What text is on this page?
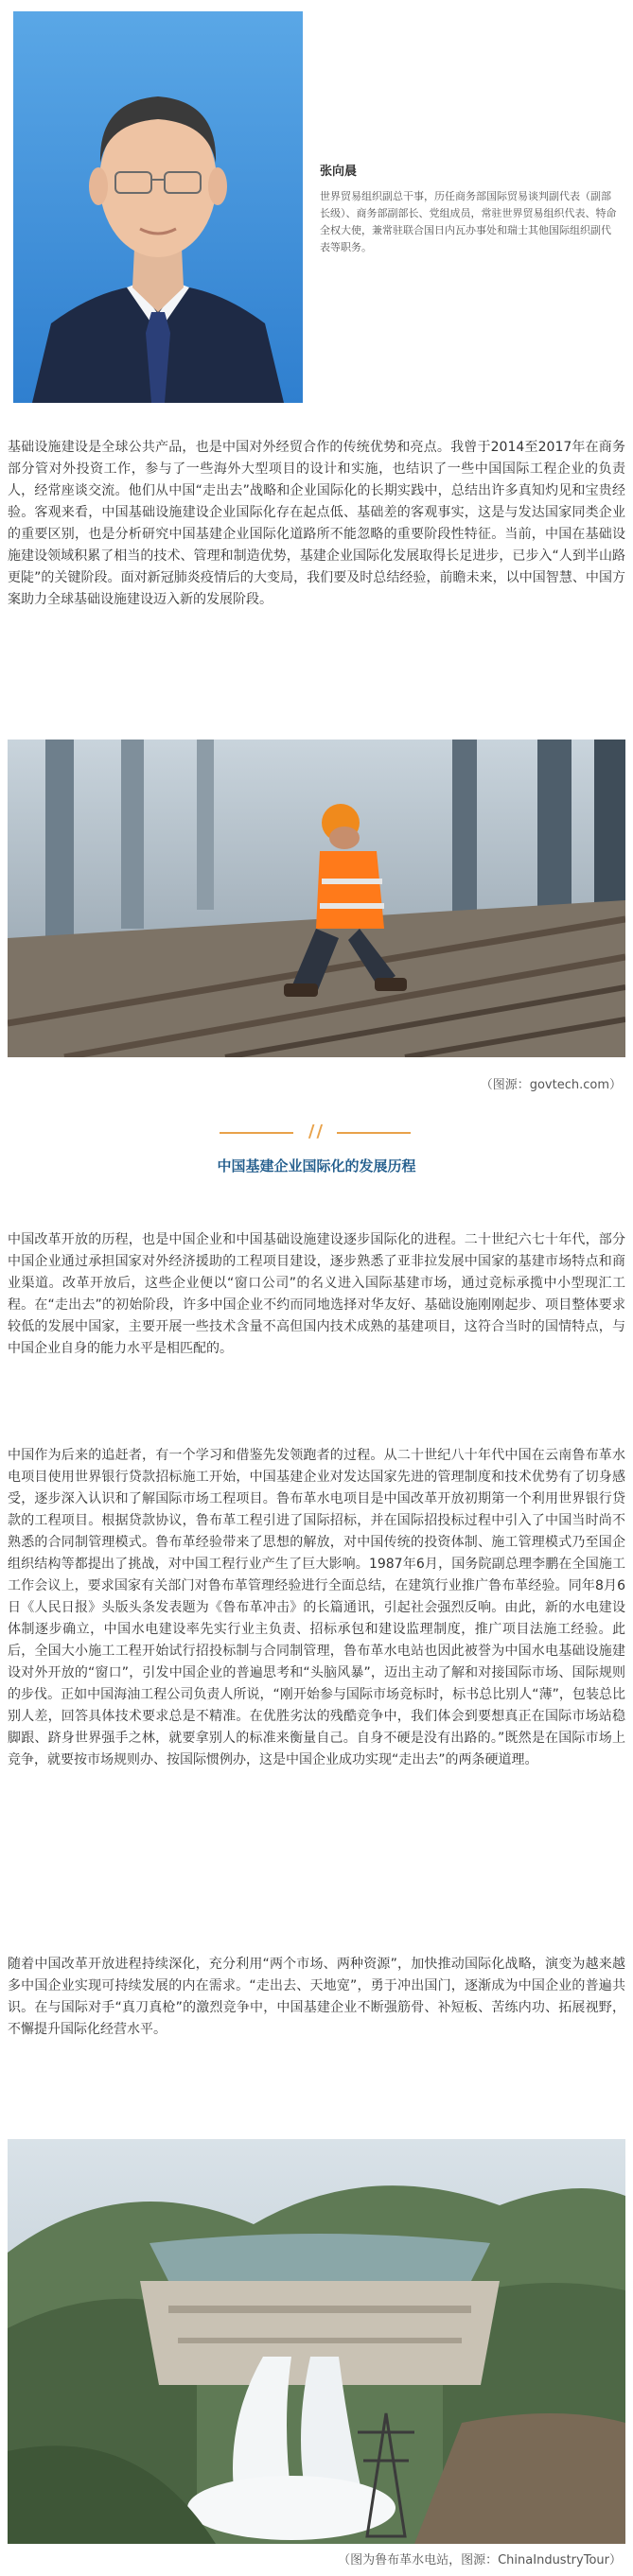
张向晨

世界贸易组织副总干事，历任商务部国际贸易谈判副代表（副部长级）、商务部副部长、党组成员，常驻世界贸易组织代表、特命全权大使，兼常驻联合国日内瓦办事处和瑞士其他国际组织副代表等职务。

基础设施建设是全球公共产品，也是中国对外经贸合作的传统优势和亮点。我曾于2014至2017年在商务部分管对外投资工作，参与了一些海外大型项目的设计和实施，也结识了一些中国国际工程企业的负责人，经常座谈交流。他们从中国“走出去”战略和企业国际化的长期实践中，总结出许多真知灼见和宝贵经验。客观来看，中国基础设施建设企业国际化存在起点低、基础差的客观事实，这是与发达国家同类企业的重要区别，也是分析研究中国基建企业国际化道路所不能忽略的重要阶段性特征。当前，中国在基础设施建设领域积累了相当的技术、管理和制造优势，基建企业国际化发展取得长足进步，已步入“人到半山路更陡”的关键阶段。面对新冠肺炎疫情后的大变局，我们要及时总结经验，前瞻未来，以中国智慧、中国方案助力全球基础设施建设迈入新的发展阶段。

（图源：govtech.com）
//
中国基建企业国际化的发展历程

中国改革开放的历程，也是中国企业和中国基础设施建设逐步国际化的进程。二十世纪六七十年代，部分中国企业通过承担国家对外经济援助的工程项目建设，逐步熟悉了亚非拉发展中国家的基建市场特点和商业渠道。改革开放后，这些企业便以“窗口公司”的名义进入国际基建市场，通过竞标承揽中小型现汇工程。在“走出去”的初始阶段，许多中国企业不约而同地选择对华友好、基础设施刚刚起步、项目整体要求较低的发展中国家，主要开展一些技术含量不高但国内技术成熟的基建项目，这符合当时的国情特点，与中国企业自身的能力水平是相匹配的。

中国作为后来的追赶者，有一个学习和借鉴先发领跑者的过程。从二十世纪八十年代中国在云南鲁布革水电项目使用世界银行贷款招标施工开始，中国基建企业对发达国家先进的管理制度和技术优势有了切身感受，逐步深入认识和了解国际市场工程项目。鲁布革水电项目是中国改革开放初期第一个利用世界银行贷款的工程项目。根据贷款协议，鲁布革工程引进了国际招标，并在国际招投标过程中引入了中国当时尚不熟悉的合同制管理模式。鲁布革经验带来了思想的解放，对中国传统的投资体制、施工管理模式乃至国企组织结构等都提出了挑战，对中国工程行业产生了巨大影响。1987年6月，国务院副总理李鹏在全国施工工作会议上，要求国家有关部门对鲁布革管理经验进行全面总结，在建筑行业推广鲁布革经验。同年8月6日《人民日报》头版头条发表题为《鲁布革冲击》的长篇通讯，引起社会强烈反响。由此，新的水电建设体制逐步确立，中国水电建设率先实行业主负责、招标承包和建设监理制度，推广项目法施工经验。此后，全国大小施工工程开始试行招投标制与合同制管理，鲁布革水电站也因此被誉为中国水电基础设施建设对外开放的“窗口”，引发中国企业的普遍思考和“头脑风暴”，迈出主动了解和对接国际市场、国际规则的步伐。正如中国海油工程公司负责人所说，“刚开始参与国际市场竞标时，标书总比别人“薄”，包装总比别人差，回答具体技术要求总是不精准。在优胜劣汰的残酷竞争中，我们体会到要想真正在国际市场站稳脚跟、跻身世界强手之林，就要拿别人的标准来衡量自己。自身不硬是没有出路的。”既然是在国际市场上竞争，就要按市场规则办、按国际惯例办，这是中国企业成功实现“走出去”的两条硬道理。

随着中国改革开放进程持续深化，充分利用“两个市场、两种资源”，加快推动国际化战略，演变为越来越多中国企业实现可持续发展的内在需求。“走出去、天地宽”，勇于冲出国门，逐渐成为中国企业的普遍共识。在与国际对手“真刀真枪”的激烈竞争中，中国基建企业不断强筋骨、补短板、苦练内功、拓展视野，不懈提升国际化经营水平。

（图为鲁布革水电站，图源：ChinaIndustryTour）
